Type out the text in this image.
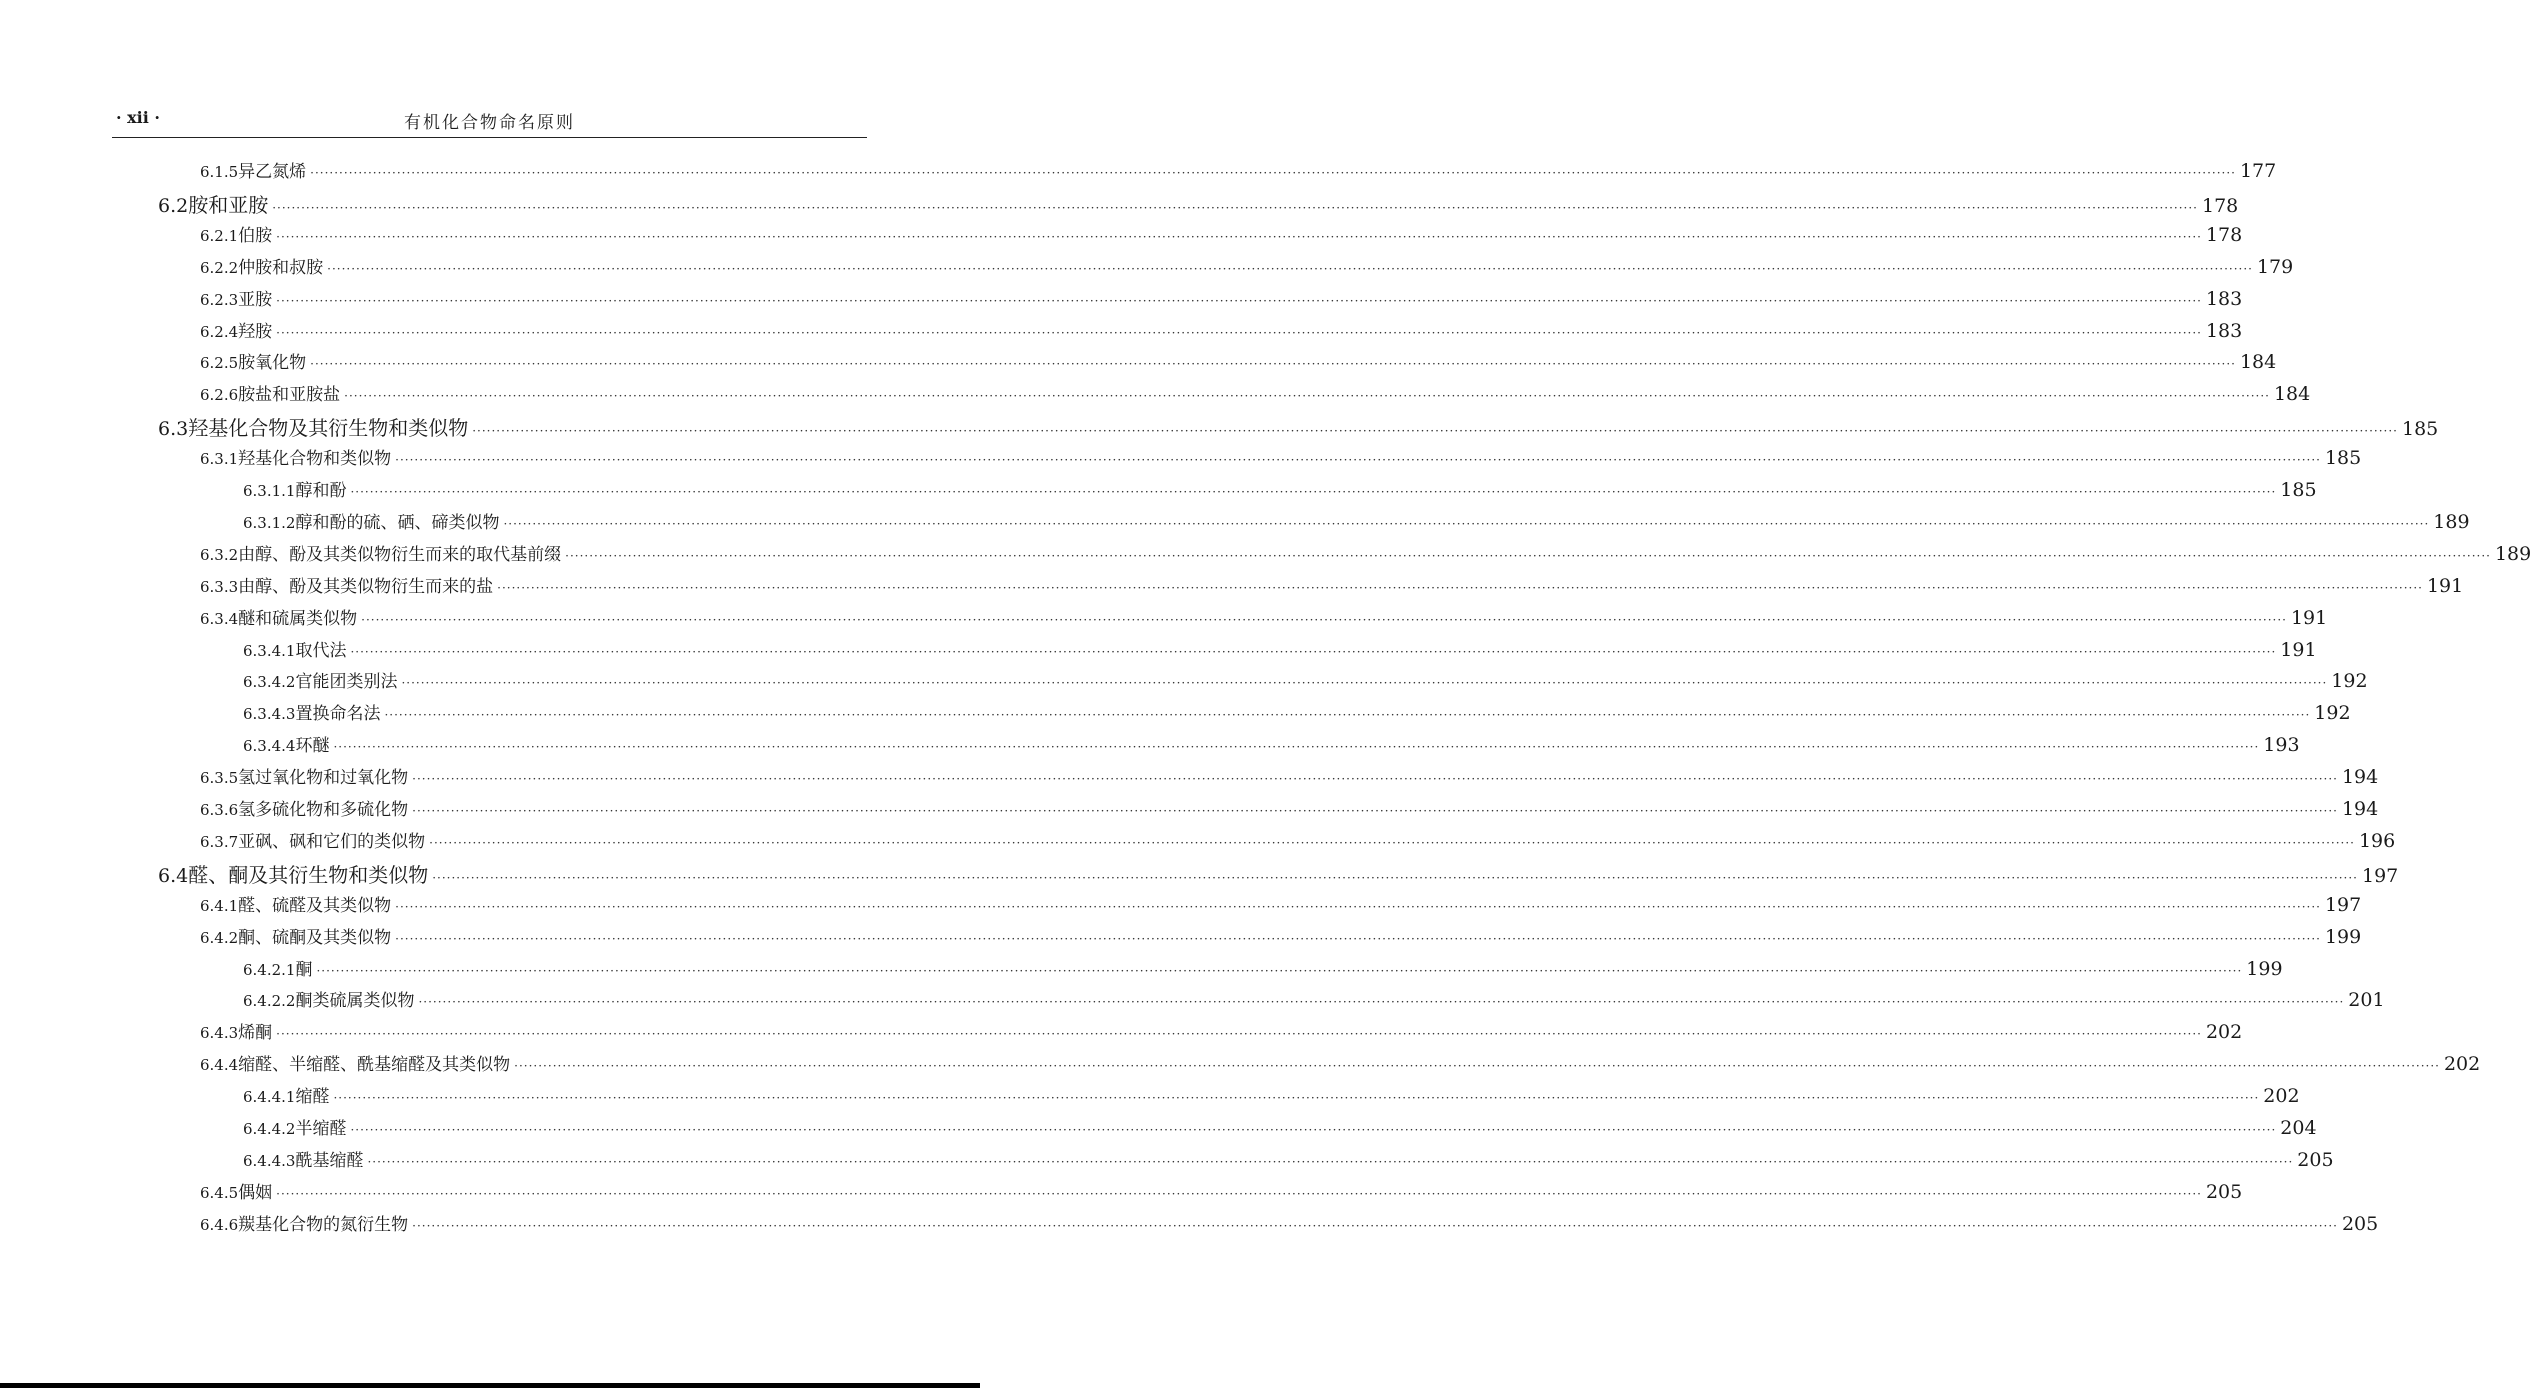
· xii ·	有机化合物命名原则
6.1.5 异乙氮烯 ················································································································································································································································································································································································································ 177
6.2 胺和亚胺 ················································································································································································································································································································································································································ 178
6.2.1 伯胺 ················································································································································································································································································································································································································ 178
6.2.2 仲胺和叔胺 ················································································································································································································································································································································································································ 179
6.2.3 亚胺 ················································································································································································································································································································································································································ 183
6.2.4 羟胺 ················································································································································································································································································································································································································ 183
6.2.5 胺氧化物 ················································································································································································································································································································································································································ 184
6.2.6 胺盐和亚胺盐 ················································································································································································································································································································································································································ 184
6.3 羟基化合物及其衍生物和类似物 ················································································································································································································································································································································································································ 185
6.3.1 羟基化合物和类似物 ················································································································································································································································································································································································································ 185
6.3.1.1 醇和酚 ················································································································································································································································································································································································································ 185
6.3.1.2 醇和酚的硫、硒、碲类似物 ················································································································································································································································································································································································································ 189
6.3.2 由醇、酚及其类似物衍生而来的取代基前缀 ················································································································································································································································································································································································································ 189
6.3.3 由醇、酚及其类似物衍生而来的盐 ················································································································································································································································································································································································································ 191
6.3.4 醚和硫属类似物 ················································································································································································································································································································································································································ 191
6.3.4.1 取代法 ················································································································································································································································································································································································································ 191
6.3.4.2 官能团类别法 ················································································································································································································································································································································································································ 192
6.3.4.3 置换命名法 ················································································································································································································································································································································································································ 192
6.3.4.4 环醚 ················································································································································································································································································································································································································ 193
6.3.5 氢过氧化物和过氧化物 ················································································································································································································································································································································································································ 194
6.3.6 氢多硫化物和多硫化物 ················································································································································································································································································································································································································ 194
6.3.7 亚砜、砜和它们的类似物 ················································································································································································································································································································································································································ 196
6.4 醛、酮及其衍生物和类似物 ················································································································································································································································································································································································································ 197
6.4.1 醛、硫醛及其类似物 ················································································································································································································································································································································································································ 197
6.4.2 酮、硫酮及其类似物 ················································································································································································································································································································································································································ 199
6.4.2.1 酮 ················································································································································································································································································································································································································ 199
6.4.2.2 酮类硫属类似物 ················································································································································································································································································································································································································ 201
6.4.3 烯酮 ················································································································································································································································································································································································································ 202
6.4.4 缩醛、半缩醛、酰基缩醛及其类似物 ················································································································································································································································································································································································································ 202
6.4.4.1 缩醛 ················································································································································································································································································································································································································ 202
6.4.4.2 半缩醛 ················································································································································································································································································································································································································ 204
6.4.4.3 酰基缩醛 ················································································································································································································································································································································································································ 205
6.4.5 偶姻 ················································································································································································································································································································································································································ 205
6.4.6 羰基化合物的氮衍生物 ················································································································································································································································································································································································································ 205
